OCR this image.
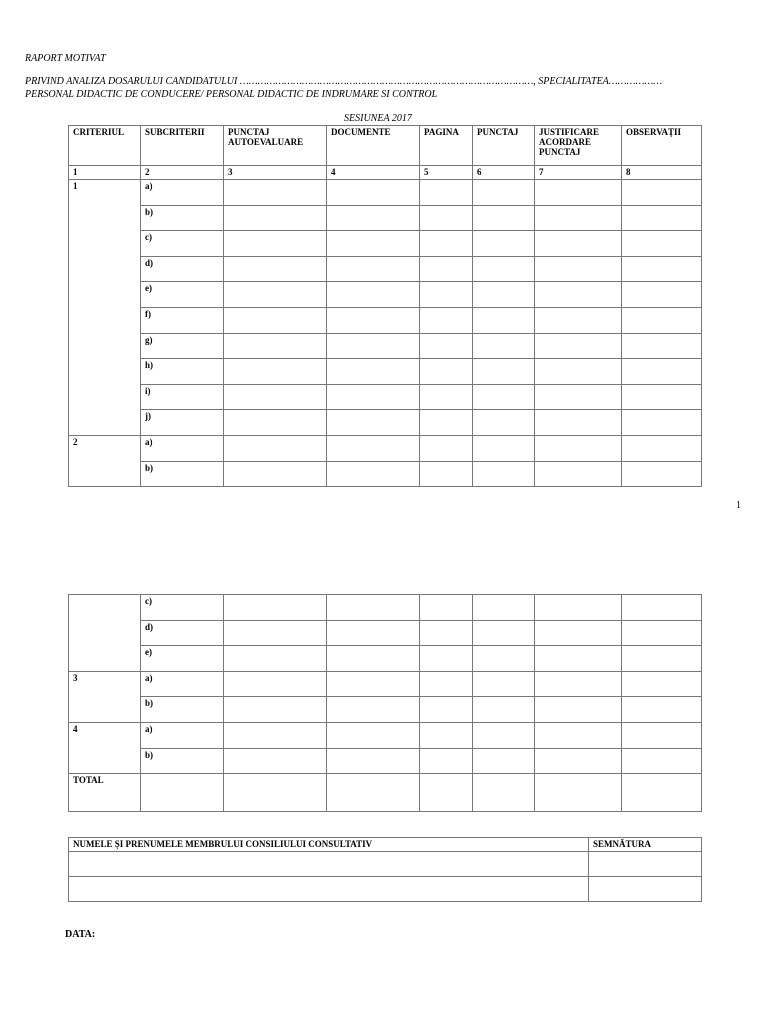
RAPORT MOTIVAT
PRIVIND ANALIZA DOSARULUI CANDIDATULUI ………………………………………………………………………………………, SPECIALITATEA………………
PERSONAL DIDACTIC DE CONDUCERE/ PERSONAL DIDACTIC DE INDRUMARE SI CONTROL
SESIUNEA 2017
CRITERIUL	SUBCRITERII	PUNCTAJ AUTOEVALUARE	DOCUMENTE	PAGINA	PUNCTAJ	JUSTIFICARE ACORDARE PUNCTAJ	OBSERVAȚII
1	2	3	4	5	6	7	8
1	a)						
	b)						
	c)						
	d)						
	e)						
	f)						
	g)						
	h)						
	i)						
	j)						
2	a)						
	b)						
1
	c)						
	d)						
	e)						
3	a)						
	b)						
4	a)						
	b)						
TOTAL							
NUMELE ȘI PRENUMELE MEMBRULUI CONSILIULUI CONSULTATIV	SEMNĂTURA

DATA:
